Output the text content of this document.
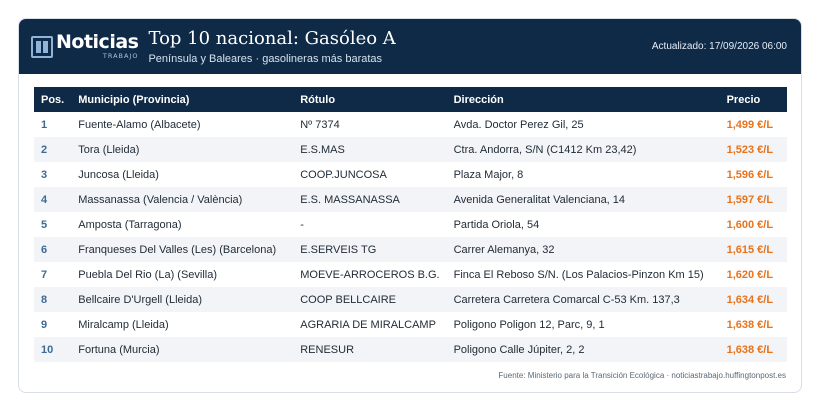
Noticias
TRABAJO
Top 10 nacional: Gasóleo A
Península y Baleares · gasolineras más baratas
Actualizado: 17/09/2026 06:00
Pos.	Municipio (Provincia)	Rótulo	Dirección	Precio
1	Fuente-Alamo (Albacete)	Nº 7374	Avda. Doctor Perez Gil, 25	1,499 €/L
2	Tora (Lleida)	E.S.MAS	Ctra. Andorra, S/N (C1412 Km 23,42)	1,523 €/L
3	Juncosa (Lleida)	COOP.JUNCOSA	Plaza Major, 8	1,596 €/L
4	Massanassa (Valencia / València)	E.S. MASSANASSA	Avenida Generalitat Valenciana, 14	1,597 €/L
5	Amposta (Tarragona)	-	Partida Oriola, 54	1,600 €/L
6	Franqueses Del Valles (Les) (Barcelona)	E.SERVEIS TG	Carrer Alemanya, 32	1,615 €/L
7	Puebla Del Rio (La) (Sevilla)	MOEVE-ARROCEROS B.G.	Finca El Reboso S/N. (Los Palacios-Pinzon Km 15)	1,620 €/L
8	Bellcaire D'Urgell (Lleida)	COOP BELLCAIRE	Carretera Carretera Comarcal C-53 Km. 137,3	1,634 €/L
9	Miralcamp (Lleida)	AGRARIA DE MIRALCAMP	Poligono Poligon 12, Parc, 9, 1	1,638 €/L
10	Fortuna (Murcia)	RENESUR	Poligono Calle Júpiter, 2, 2	1,638 €/L
Fuente: Ministerio para la Transición Ecológica · noticiastrabajo.huffingtonpost.es
